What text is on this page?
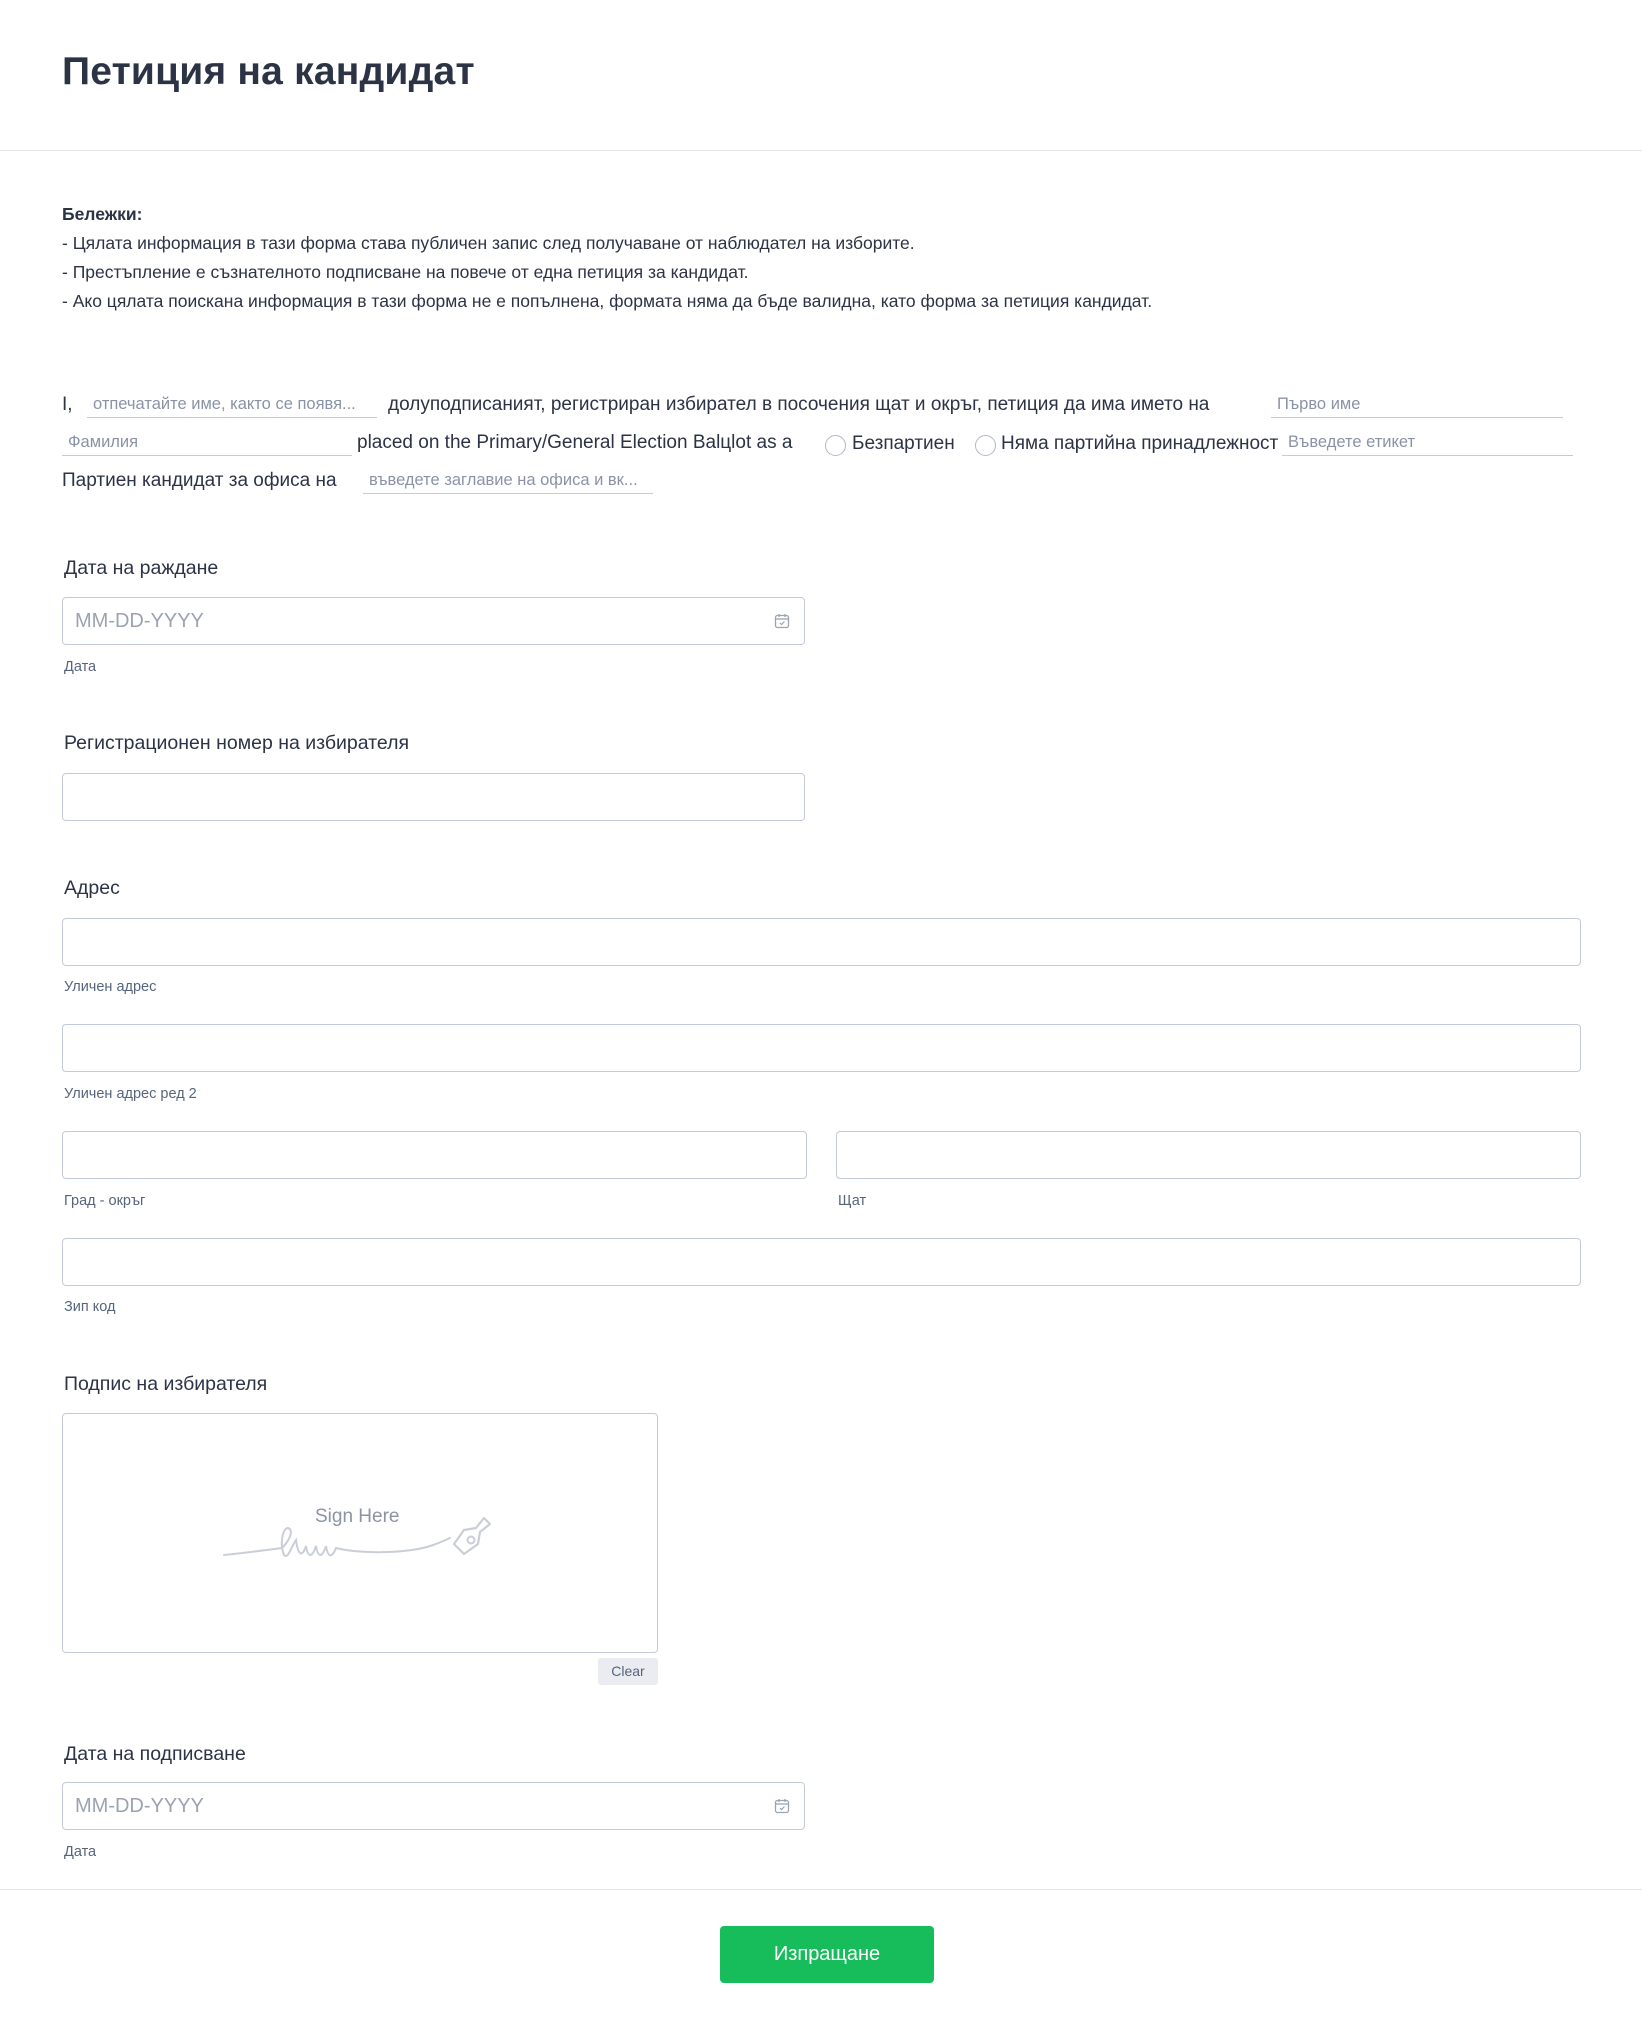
Петиция на кандидат
Бележки:
- Цялата информация в тази форма става публичен запис след получаване от наблюдател на изборите.
- Престъпление е съзнателното подписване на повече от една петиция за кандидат.
- Ако цялата поискана информация в тази форма не е попълнена, формата няма да бъде валидна, като форма за петиция кандидат.
I,
отпечатайте име, както се появя...	долуподписаният, регистриран избирател в посочения щат и окръг, петиция да има името на
Първо име
Фамилия
placed on the Primary/General Election Balцlot as a	Безпартиен Няма партийна принадлежност
Въведете етикет
Партиен кандидат за офиса на
въведете заглавие на офиса и вк...
Дата на раждане
MM-DD-YYYY
Дата
Регистрационен номер на избирателя
Адрес
Уличен адрес
Уличен адрес ред 2
Град - окръг	Щат
Зип код
Подпис на избирателя
Sign Here
Clear
Дата на подписване
MM-DD-YYYY
Дата
Изпращане
